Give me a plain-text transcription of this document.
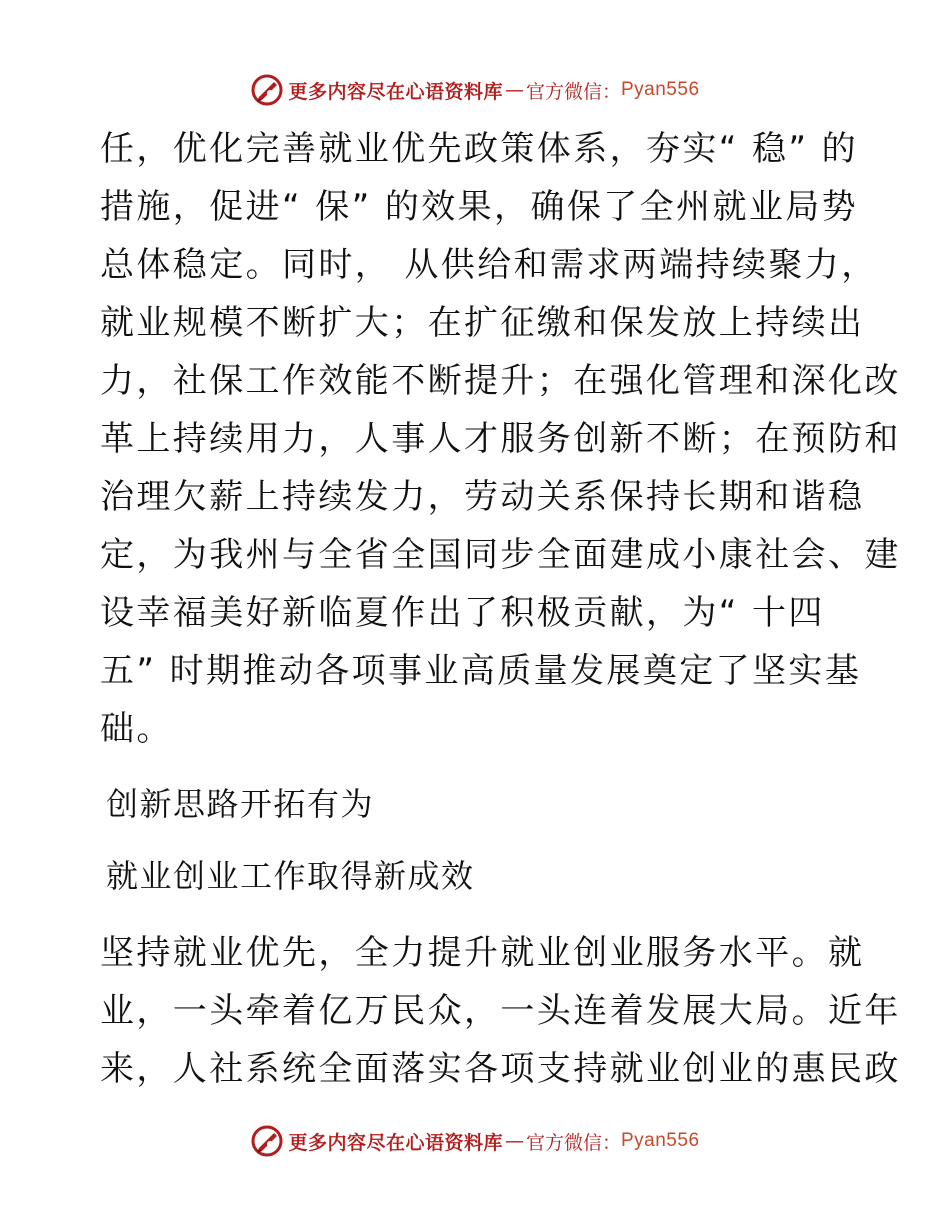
更多内容尽在心语资料库 — 官方微信： Pyan556
任，优化完善就业优先政策体系，夯实“ 稳” 的
措施，促进“ 保” 的效果，确保了全州就业局势
总体稳定。同时， 从供给和需求两端持续聚力，
就业规模不断扩大；在扩征缴和保发放上持续出
力，社保工作效能不断提升；在强化管理和深化改
革上持续用力，人事人才服务创新不断；在预防和
治理欠薪上持续发力，劳动关系保持长期和谐稳
定，为我州与全省全国同步全面建成小康社会、建
设幸福美好新临夏作出了积极贡献，为“ 十四
五” 时期推动各项事业高质量发展奠定了坚实基
础。
创新思路开拓有为
就业创业工作取得新成效
坚持就业优先，全力提升就业创业服务水平。就
业，一头牵着亿万民众，一头连着发展大局。近年
来，人社系统全面落实各项支持就业创业的惠民政
更多内容尽在心语资料库 — 官方微信： Pyan556
